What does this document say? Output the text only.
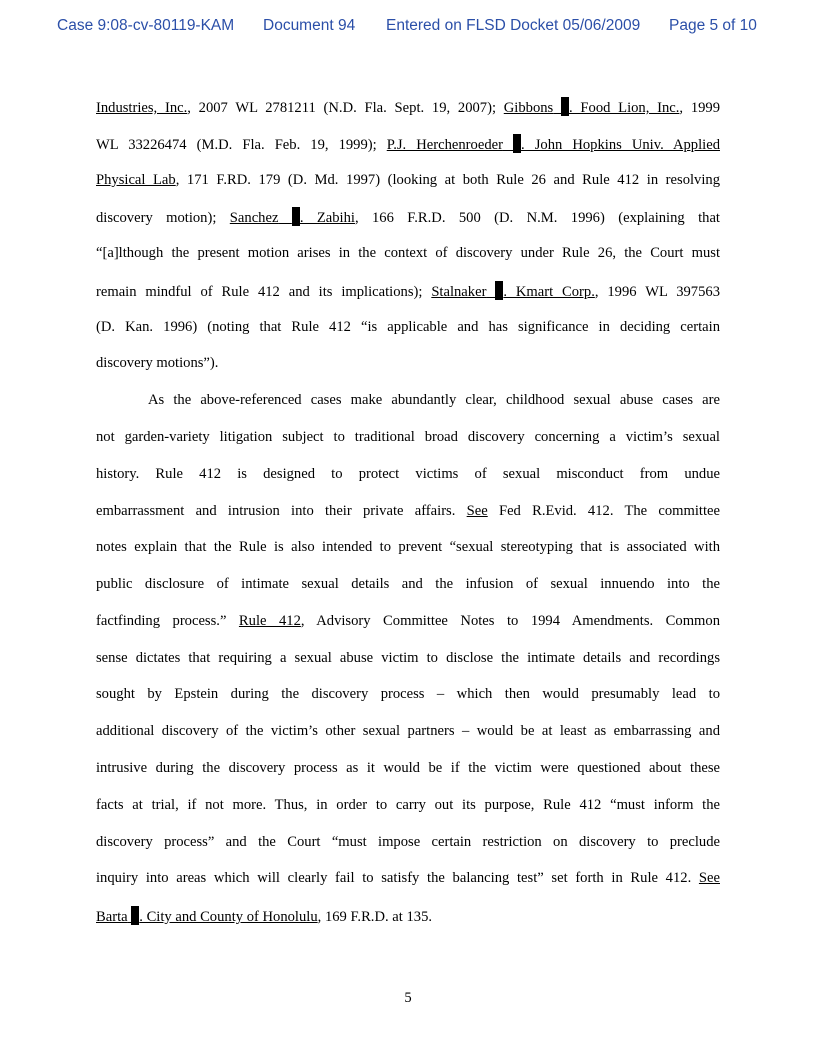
Case 9:08-cv-80119-KAM Document 94 Entered on FLSD Docket 05/06/2009 Page 5 of 10
Industries, Inc., 2007 WL 2781211 (N.D. Fla. Sept. 19, 2007); Gibbons . Food Lion, Inc., 1999
WL 33226474 (M.D. Fla. Feb. 19, 1999); P.J. Herchenroeder . John Hopkins Univ. Applied
Physical Lab, 171 F.RD. 179 (D. Md. 1997) (looking at both Rule 26 and Rule 412 in resolving
discovery motion); Sanchez . Zabihi, 166 F.R.D. 500 (D. N.M. 1996) (explaining that
“[a]lthough the present motion arises in the context of discovery under Rule 26, the Court must
remain mindful of Rule 412 and its implications); Stalnaker . Kmart Corp., 1996 WL 397563
(D. Kan. 1996) (noting that Rule 412 “is applicable and has significance in deciding certain
discovery motions”).
As the above-referenced cases make abundantly clear, childhood sexual abuse cases are
not garden-variety litigation subject to traditional broad discovery concerning a victim’s sexual
history. Rule 412 is designed to protect victims of sexual misconduct from undue
embarrassment and intrusion into their private affairs. See Fed R.Evid. 412. The committee
notes explain that the Rule is also intended to prevent “sexual stereotyping that is associated with
public disclosure of intimate sexual details and the infusion of sexual innuendo into the
factfinding process.” Rule 412, Advisory Committee Notes to 1994 Amendments. Common
sense dictates that requiring a sexual abuse victim to disclose the intimate details and recordings
sought by Epstein during the discovery process – which then would presumably lead to
additional discovery of the victim’s other sexual partners – would be at least as embarrassing and
intrusive during the discovery process as it would be if the victim were questioned about these
facts at trial, if not more. Thus, in order to carry out its purpose, Rule 412 “must inform the
discovery process” and the Court “must impose certain restriction on discovery to preclude
inquiry into areas which will clearly fail to satisfy the balancing test” set forth in Rule 412. See
Barta . City and County of Honolulu, 169 F.R.D. at 135.
5
